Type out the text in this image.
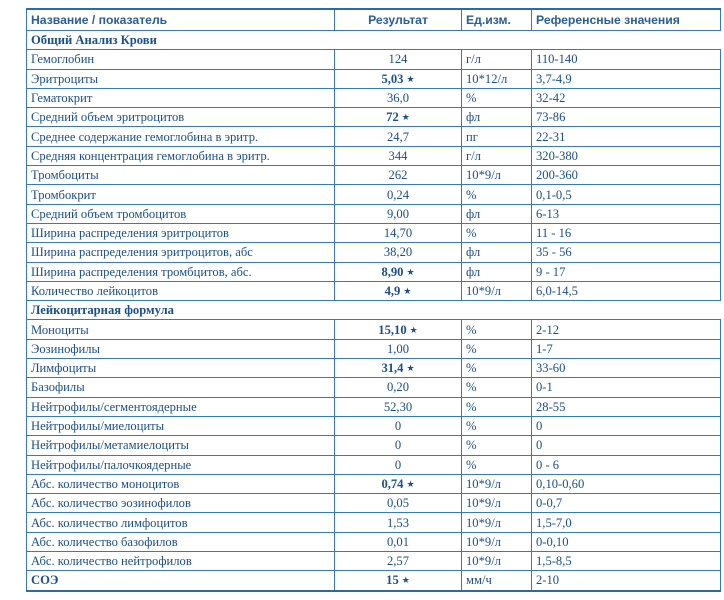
Название / показатель	Результат	Ед.изм.	Референсные значения
Общий Анализ Крови			
Гемоглобин	124	г/л	110-140
Эритроциты	5,03 ★	10*12/л	3,7-4,9
Гематокрит	36,0	%	32-42
Средний объем эритроцитов	72 ★	фл	73-86
Среднее содержание гемоглобина в эритр.	24,7	пг	22-31
Средняя концентрация гемоглобина в эритр.	344	г/л	320-380
Тромбоциты	262	10*9/л	200-360
Тромбокрит	0,24	%	0,1-0,5
Средний объем тромбоцитов	9,00	фл	6-13
Ширина распределения эритроцитов	14,70	%	11 - 16
Ширина распределения эритроцитов, абс	38,20	фл	35 - 56
Ширина распределения тромбцитов, абс.	8,90 ★	фл	9 - 17
Количество лейкоцитов	4,9 ★	10*9/л	6,0-14,5
Лейкоцитарная формула			
Моноциты	15,10 ★	%	2-12
Эозинофилы	1,00	%	1-7
Лимфоциты	31,4 ★	%	33-60
Базофилы	0,20	%	0-1
Нейтрофилы/сегментоядерные	52,30	%	28-55
Нейтрофилы/миелоциты	0	%	0
Нейтрофилы/метамиелоциты	0	%	0
Нейтрофилы/палочкоядерные	0	%	0 - 6
Абс. количество моноцитов	0,74 ★	10*9/л	0,10-0,60
Абс. количество эозинофилов	0,05	10*9/л	0-0,7
Абс. количество лимфоцитов	1,53	10*9/л	1,5-7,0
Абс. количество базофилов	0,01	10*9/л	0-0,10
Абс. количество нейтрофилов	2,57	10*9/л	1,5-8,5
СОЭ	15 ★	мм/ч	2-10
